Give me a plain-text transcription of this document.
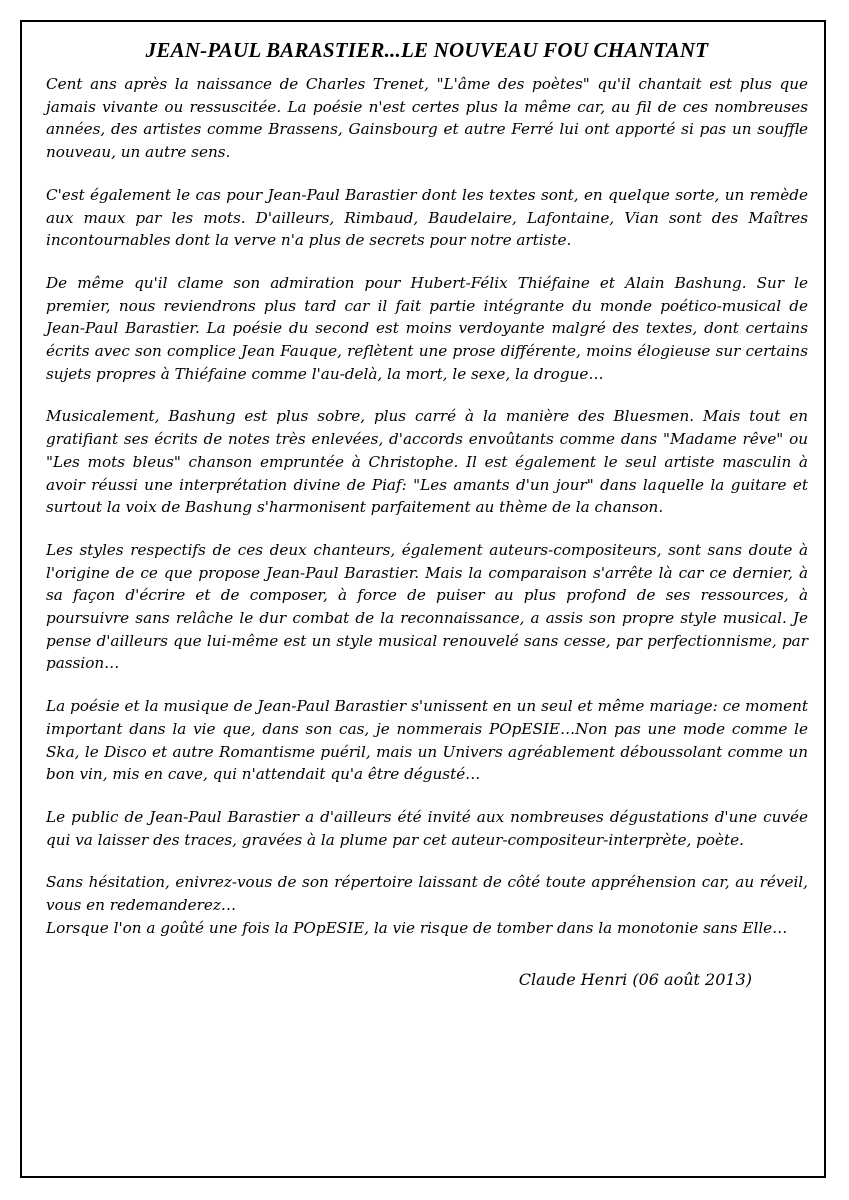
JEAN-PAUL BARASTIER...LE NOUVEAU FOU CHANTANT

Cent ans après la naissance de Charles Trenet, "L'âme des poètes" qu'il chantait est plus que jamais vivante ou ressuscitée. La poésie n'est certes plus la même car, au fil de ces nombreuses années, des artistes comme Brassens, Gainsbourg et autre Ferré lui ont apporté si pas un souffle nouveau, un autre sens.

C'est également le cas pour Jean-Paul Barastier dont les textes sont, en quelque sorte, un remède aux maux par les mots. D'ailleurs, Rimbaud, Baudelaire, Lafontaine, Vian sont des Maîtres incontournables dont la verve n'a plus de secrets pour notre artiste.

De même qu'il clame son admiration pour Hubert-Félix Thiéfaine et Alain Bashung. Sur le premier, nous reviendrons plus tard car il fait partie intégrante du monde poético-musical de Jean-Paul Barastier. La poésie du second est moins verdoyante malgré des textes, dont certains écrits avec son complice Jean Fauque, reflètent une prose différente, moins élogieuse sur certains sujets propres à Thiéfaine comme l'au-delà, la mort, le sexe, la drogue…

Musicalement, Bashung est plus sobre, plus carré à la manière des Bluesmen. Mais tout en gratifiant ses écrits de notes très enlevées, d'accords envoûtants comme dans "Madame rêve" ou "Les mots bleus" chanson empruntée à Christophe. Il est également le seul artiste masculin à avoir réussi une interprétation divine de Piaf: "Les amants d'un jour" dans laquelle la guitare et surtout la voix de Bashung s'harmonisent parfaitement au thème de la chanson.

Les styles respectifs de ces deux chanteurs, également auteurs-compositeurs, sont sans doute à l'origine de ce que propose Jean-Paul Barastier. Mais la comparaison s'arrête là car ce dernier, à sa façon d'écrire et de composer, à force de puiser au plus profond de ses ressources, à poursuivre sans relâche le dur combat de la reconnaissance, a assis son propre style musical. Je pense d'ailleurs que lui-même est un style musical renouvelé sans cesse, par perfectionnisme, par passion…

La poésie et la musique de Jean-Paul Barastier s'unissent en un seul et même mariage: ce moment important dans la vie que, dans son cas, je nommerais POpESIE…Non pas une mode comme le Ska, le Disco et autre Romantisme puéril, mais un Univers agréablement déboussolant comme un bon vin, mis en cave, qui n'attendait qu'a être dégusté…

Le public de Jean-Paul Barastier a d'ailleurs été invité aux nombreuses dégustations d'une cuvée qui va laisser des traces, gravées à la plume par cet auteur-compositeur-interprète, poète.

Sans hésitation, enivrez-vous de son répertoire laissant de côté toute appréhension car, au réveil, vous en redemanderez…

Lorsque l'on a goûté une fois la POpESIE, la vie risque de tomber dans la monotonie sans Elle…

Claude Henri (06 août 2013)
